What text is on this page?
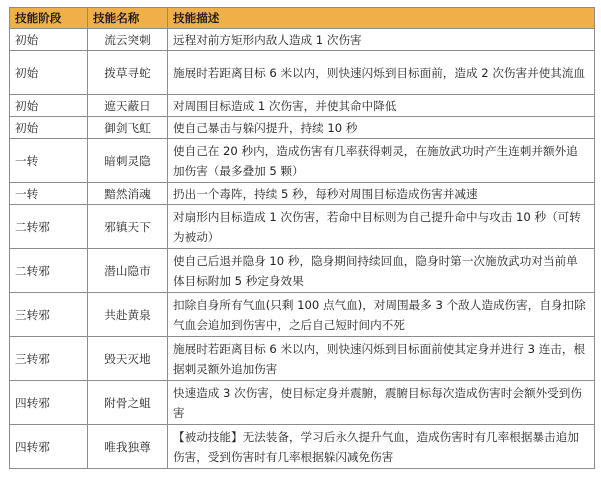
技能阶段	技能名称	技能描述
初始	流云突刺	远程对前方矩形内敌人造成 1 次伤害
初始	拨草寻蛇	施展时若距离目标 6 米以内，则快速闪烁到目标面前，造成 2 次伤害并使其流血
初始	遮天蔽日	对周围目标造成 1 次伤害，并使其命中降低
初始	御剑飞虹	使自己暴击与躲闪提升，持续 10 秒
一转	暗刺灵隐	使自己在 20 秒内，造成伤害有几率获得刺灵，在施放武功时产生连刺并额外追加伤害（最多叠加 5 颗）
一转	黯然消魂	扔出一个毒阵，持续 5 秒，每秒对周围目标造成伤害并减速
二转邪	邪镇天下	对扇形内目标造成 1 次伤害，若命中目标则为自己提升命中与攻击 10 秒（可转为被动）
二转邪	潜山隐市	使自己后退并隐身 10 秒，隐身期间持续回血，隐身时第一次施放武功对当前单体目标附加 5 秒定身效果
三转邪	共赴黄泉	扣除自身所有气血(只剩 100 点气血)，对周围最多 3 个敌人造成伤害，自身扣除气血会追加到伤害中，之后自己短时间内不死
三转邪	毁天灭地	施展时若距离目标 6 米以内，则快速闪烁到目标面前使其定身并进行 3 连击，根据刺灵额外追加伤害
四转邪	附骨之蛆	快速造成 3 次伤害，使目标定身并震腑，震腑目标每次造成伤害时会额外受到伤害
四转邪	唯我独尊	【被动技能】无法装备，学习后永久提升气血，造成伤害时有几率根据暴击追加伤害，受到伤害时有几率根据躲闪减免伤害
